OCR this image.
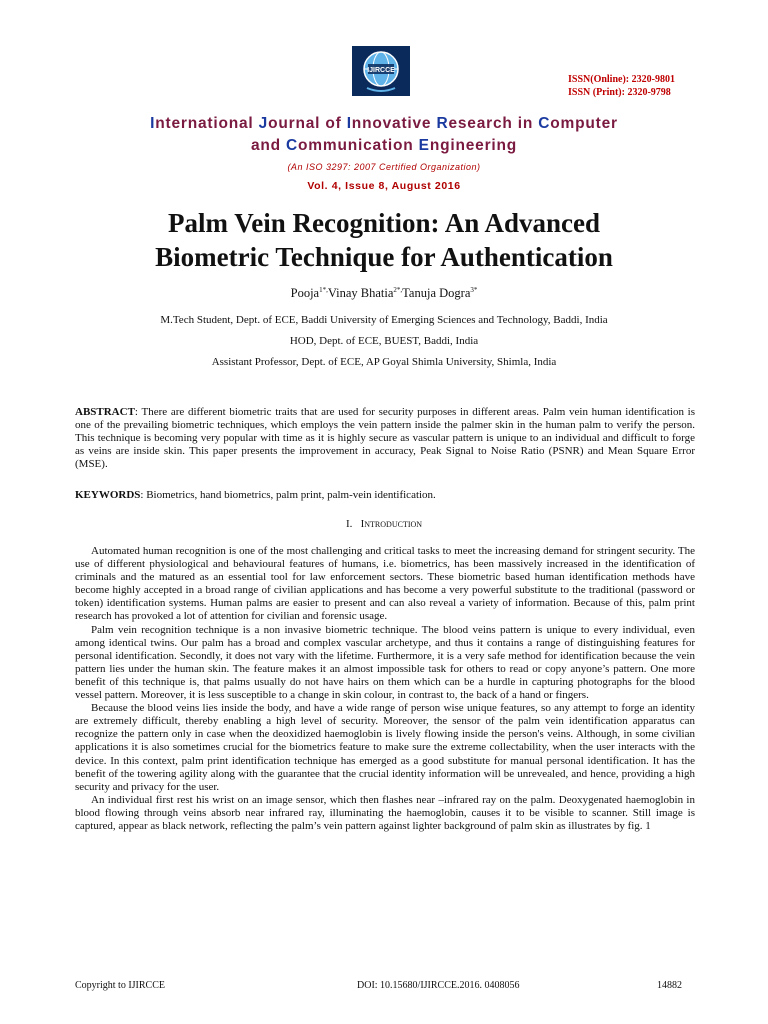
IJIRCCE
ISSN(Online): 2320-9801
ISSN (Print): 2320-9798
International Journal of Innovative Research in Computer
and Communication Engineering
(An ISO 3297: 2007 Certified Organization)
Vol. 4, Issue 8, August 2016
Palm Vein Recognition: An Advanced
Biometric Technique for Authentication
Pooja$^{1*,}$Vinay Bhatia$^{2*,}$Tanuja Dogra$^{3*}$
M.Tech Student, Dept. of ECE, Baddi University of Emerging Sciences and Technology, Baddi, India
HOD, Dept. of ECE, BUEST, Baddi, India
Assistant Professor, Dept. of ECE, AP Goyal Shimla University, Shimla, India
ABSTRACT: There are different biometric traits that are used for security purposes in different areas. Palm vein human identification is one of the prevailing biometric techniques, which employs the vein pattern inside the palmer skin in the human palm to verify the person. This technique is becoming very popular with time as it is highly secure as vascular pattern is unique to an individual and difficult to forge as veins are inside skin. This paper presents the improvement in accuracy, Peak Signal to Noise Ratio (PSNR) and Mean Square Error (MSE).
KEYWORDS: Biometrics, hand biometrics, palm print, palm-vein identification.
I. Introduction

Automated human recognition is one of the most challenging and critical tasks to meet the increasing demand for stringent security. The use of different physiological and behavioural features of humans, i.e. biometrics, has been massively increased in the identification of criminals and the matured as an essential tool for law enforcement sectors. These biometric based human identification methods have become highly accepted in a broad range of civilian applications and has become a very powerful substitute to the traditional (password or token) identification systems. Human palms are easier to present and can also reveal a variety of information. Because of this, palm print research has provoked a lot of attention for civilian and forensic usage.

Palm vein recognition technique is a non invasive biometric technique. The blood veins pattern is unique to every individual, even among identical twins. Our palm has a broad and complex vascular archetype, and thus it contains a range of distinguishing features for personal identification. Secondly, it does not vary with the lifetime. Furthermore, it is a very safe method for identification because the vein pattern lies under the human skin. The feature makes it an almost impossible task for others to read or copy anyone’s pattern. One more benefit of this technique is, that palms usually do not have hairs on them which can be a hurdle in capturing photographs for the blood vessel pattern. Moreover, it is less susceptible to a change in skin colour, in contrast to, the back of a hand or fingers.

Because the blood veins lies inside the body, and have a wide range of person wise unique features, so any attempt to forge an identity are extremely difficult, thereby enabling a high level of security. Moreover, the sensor of the palm vein identification apparatus can recognize the pattern only in case when the deoxidized haemoglobin is lively flowing inside the person's veins. Although, in some civilian applications it is also sometimes crucial for the biometrics feature to make sure the extreme collectability, when the user interacts with the device. In this context, palm print identification technique has emerged as a good substitute for manual personal identification. It has the benefit of the towering agility along with the guarantee that the crucial identity information will be unrevealed, and hence, providing a high security and privacy for the user.

An individual first rest his wrist on an image sensor, which then flashes near –infrared ray on the palm. Deoxygenated haemoglobin in blood flowing through veins absorb near infrared ray, illuminating the haemoglobin, causes it to be visible to scanner. Still image is captured, appear as black network, reflecting the palm’s vein pattern against lighter background of palm skin as illustrates by fig. 1

Copyright to IJIRCCE	DOI: 10.15680/IJIRCCE.2016. 0408056	14882
